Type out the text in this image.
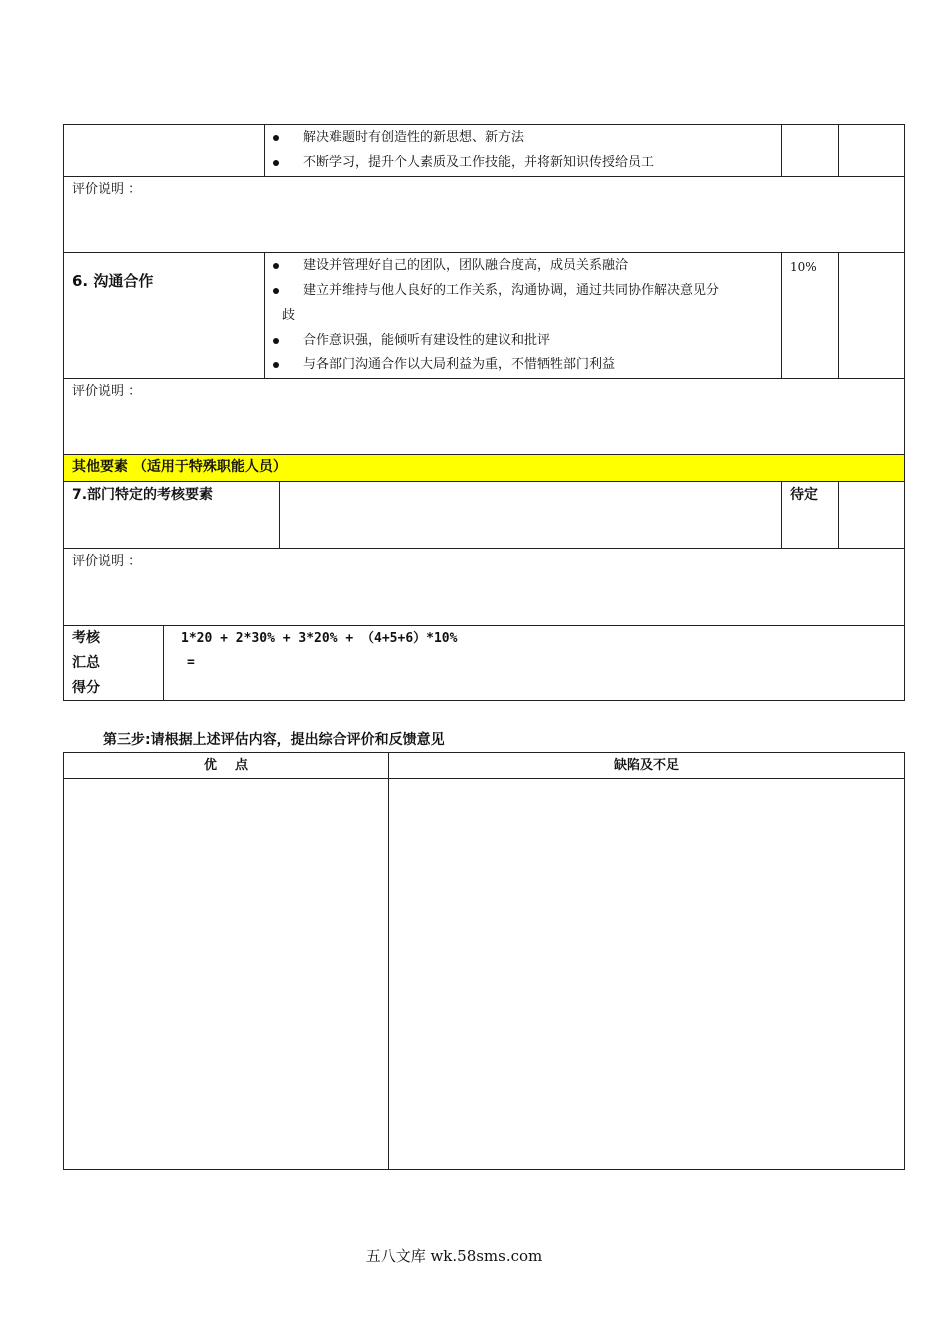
解决难题时有创造性的新思想、新方法
不断学习，提升个人素质及工作技能，并将新知识传授给员工
评价说明 ：
6. 沟通合作
10%
建设并管理好自己的团队，团队融合度高，成员关系融洽
建立并维持与他人良好的工作关系，沟通协调，通过共同协作解决意见分
歧
合作意识强，能倾听有建设性的建议和批评
与各部门沟通合作以大局利益为重，不惜牺牲部门利益
评价说明 ：
其他要素 （适用于特殊职能人员）
7.部门特定的考核要素	待定
评价说明 ：
考核
汇总
得分
1*20 + 2*30% + 3*20% + （4+5+6）*10%
=
第三步:请根据上述评估内容，提出综合评价和反馈意见
优    点	缺陷及不足
五八文库 wk.58sms.com
